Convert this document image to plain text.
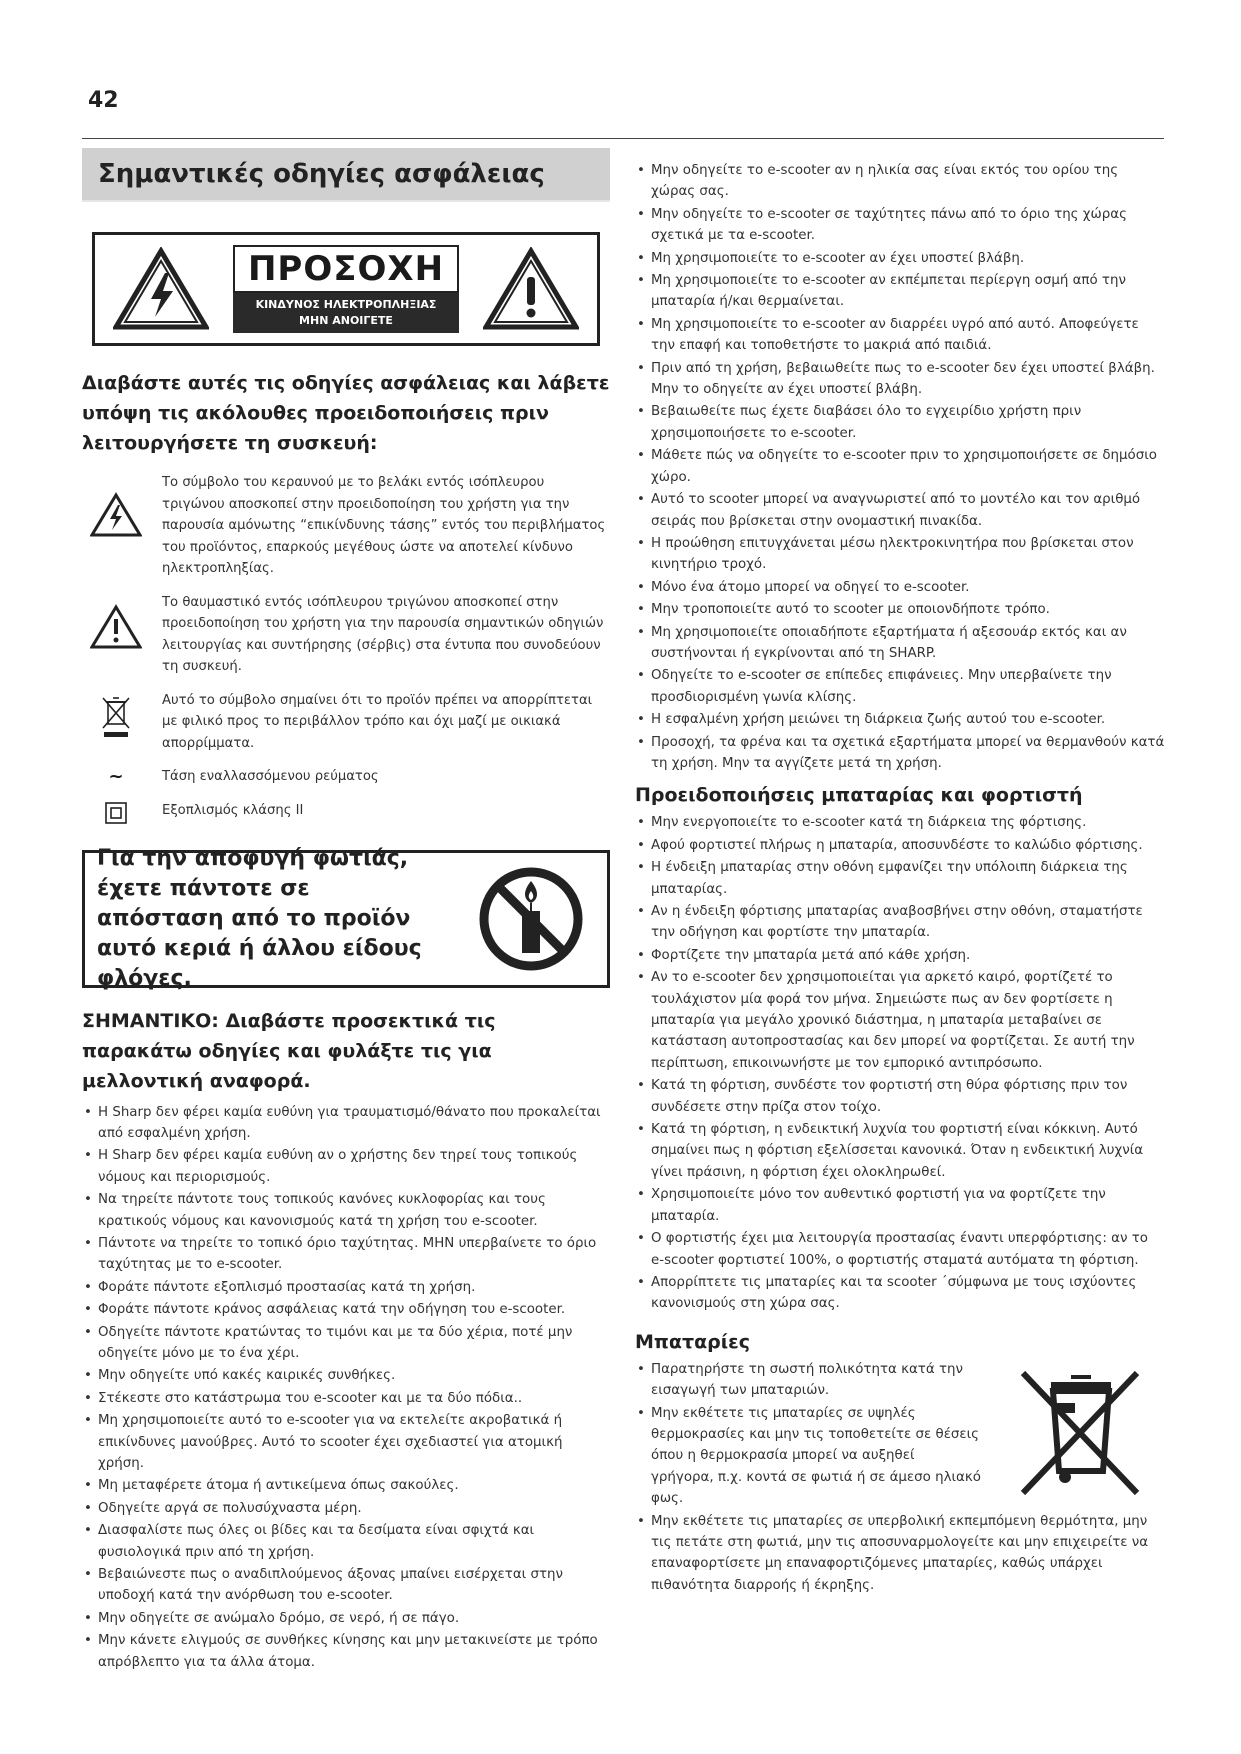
42
Σημαντικές οδηγίες ασφάλειας
ΠΡΟΣΟΧΗ
ΚΙΝΔΥΝΟΣ ΗΛΕΚΤΡΟΠΛΗΞΙΑΣ
ΜΗΝ ΑΝΟΙΓΕΤΕ
Διαβάστε αυτές τις οδηγίες ασφάλειας και λάβετε υπόψη τις ακόλουθες προειδοποιήσεις πριν λειτουργήσετε τη συσκευή:
Το σύμβολο του κεραυνού με το βελάκι εντός ισόπλευρου τριγώνου αποσκοπεί στην προειδοποίηση του χρήστη για την παρουσία αμόνωτης “επικίνδυνης τάσης” εντός του περιβλήματος του προϊόντος, επαρκούς μεγέθους ώστε να αποτελεί κίνδυνο ηλεκτροπληξίας.
Το θαυμαστικό εντός ισόπλευρου τριγώνου αποσκοπεί στην προειδοποίηση του χρήστη για την παρουσία σημαντικών οδηγιών λειτουργίας και συντήρησης (σέρβις) στα έντυπα που συνοδεύουν τη συσκευή.
Αυτό το σύμβολο σημαίνει ότι το προϊόν πρέπει να απορρίπτεται με φιλικό προς το περιβάλλον τρόπο και όχι μαζί με οικιακά απορρίμματα.
~	Τάση εναλλασσόμενου ρεύματος
Εξοπλισμός κλάσης II
Για την αποφυγή φωτιάς, έχετε πάντοτε σε απόσταση από το προϊόν αυτό κεριά ή άλλου είδους φλόγες.
ΣΗΜΑΝΤΙΚΟ: Διαβάστε προσεκτικά τις παρακάτω οδηγίες και φυλάξτε τις για μελλοντική αναφορά.
• Η Sharp δεν φέρει καμία ευθύνη για τραυματισμό/θάνατο που προκαλείται από εσφαλμένη χρήση.
• Η Sharp δεν φέρει καμία ευθύνη αν ο χρήστης δεν τηρεί τους τοπικούς νόμους και περιορισμούς.
• Να τηρείτε πάντοτε τους τοπικούς κανόνες κυκλοφορίας και τους κρατικούς νόμους και κανονισμούς κατά τη χρήση του e-scooter.
• Πάντοτε να τηρείτε το τοπικό όριο ταχύτητας. ΜΗΝ υπερβαίνετε το όριο ταχύτητας με το e-scooter.
• Φοράτε πάντοτε εξοπλισμό προστασίας κατά τη χρήση.
• Φοράτε πάντοτε κράνος ασφάλειας κατά την οδήγηση του e-scooter.
• Οδηγείτε πάντοτε κρατώντας το τιμόνι και με τα δύο χέρια, ποτέ μην οδηγείτε μόνο με το ένα χέρι.
• Μην οδηγείτε υπό κακές καιρικές συνθήκες.
• Στέκεστε στο κατάστρωμα του e-scooter και με τα δύο πόδια..
• Μη χρησιμοποιείτε αυτό το e-scooter για να εκτελείτε ακροβατικά ή επικίνδυνες μανούβρες. Αυτό το scooter έχει σχεδιαστεί για ατομική χρήση.
• Μη μεταφέρετε άτομα ή αντικείμενα όπως σακούλες.
• Οδηγείτε αργά σε πολυσύχναστα μέρη.
• Διασφαλίστε πως όλες οι βίδες και τα δεσίματα είναι σφιχτά και φυσιολογικά πριν από τη χρήση.
• Βεβαιώνεστε πως ο αναδιπλούμενος άξονας μπαίνει εισέρχεται στην υποδοχή κατά την ανόρθωση του e-scooter.
• Μην οδηγείτε σε ανώμαλο δρόμο, σε νερό, ή σε πάγο.
• Μην κάνετε ελιγμούς σε συνθήκες κίνησης και μην μετακινείστε με τρόπο απρόβλεπτο για τα άλλα άτομα.
• Μην οδηγείτε το e-scooter αν η ηλικία σας είναι εκτός του ορίου της χώρας σας.
• Μην οδηγείτε το e-scooter σε ταχύτητες πάνω από το όριο της χώρας σχετικά με τα e-scooter.
• Μη χρησιμοποιείτε το e-scooter αν έχει υποστεί βλάβη.
• Μη χρησιμοποιείτε το e-scooter αν εκπέμπεται περίεργη οσμή από την μπαταρία ή/και θερμαίνεται.
• Μη χρησιμοποιείτε το e-scooter αν διαρρέει υγρό από αυτό. Αποφεύγετε την επαφή και τοποθετήστε το μακριά από παιδιά.
• Πριν από τη χρήση, βεβαιωθείτε πως το e-scooter δεν έχει υποστεί βλάβη. Μην το οδηγείτε αν έχει υποστεί βλάβη.
• Βεβαιωθείτε πως έχετε διαβάσει όλο το εγχειρίδιο χρήστη πριν χρησιμοποιήσετε το e-scooter.
• Μάθετε πώς να οδηγείτε το e-scooter πριν το χρησιμοποιήσετε σε δημόσιο χώρο.
• Αυτό το scooter μπορεί να αναγνωριστεί από το μοντέλο και τον αριθμό σειράς που βρίσκεται στην ονομαστική πινακίδα.
• Η προώθηση επιτυγχάνεται μέσω ηλεκτροκινητήρα που βρίσκεται στον κινητήριο τροχό.
• Μόνο ένα άτομο μπορεί να οδηγεί το e-scooter.
• Μην τροποποιείτε αυτό το scooter με οποιονδήποτε τρόπο.
• Μη χρησιμοποιείτε οποιαδήποτε εξαρτήματα ή αξεσουάρ εκτός και αν συστήνονται ή εγκρίνονται από τη SHARP.
• Οδηγείτε το e-scooter σε επίπεδες επιφάνειες. Μην υπερβαίνετε την προσδιορισμένη γωνία κλίσης.
• Η εσφαλμένη χρήση μειώνει τη διάρκεια ζωής αυτού του e-scooter.
• Προσοχή, τα φρένα και τα σχετικά εξαρτήματα μπορεί να θερμανθούν κατά τη χρήση. Μην τα αγγίζετε μετά τη χρήση.
Προειδοποιήσεις μπαταρίας και φορτιστή
• Μην ενεργοποιείτε το e-scooter κατά τη διάρκεια της φόρτισης.
• Αφού φορτιστεί πλήρως η μπαταρία, αποσυνδέστε το καλώδιο φόρτισης.
• Η ένδειξη μπαταρίας στην οθόνη εμφανίζει την υπόλοιπη διάρκεια της μπαταρίας.
• Αν η ένδειξη φόρτισης μπαταρίας αναβοσβήνει στην οθόνη, σταματήστε την οδήγηση και φορτίστε την μπαταρία.
• Φορτίζετε την μπαταρία μετά από κάθε χρήση.
• Αν το e-scooter δεν χρησιμοποιείται για αρκετό καιρό, φορτίζετέ το τουλάχιστον μία φορά τον μήνα. Σημειώστε πως αν δεν φορτίσετε η μπαταρία για μεγάλο χρονικό διάστημα, η μπαταρία μεταβαίνει σε κατάσταση αυτοπροστασίας και δεν μπορεί να φορτίζεται. Σε αυτή την περίπτωση, επικοινωνήστε με τον εμπορικό αντιπρόσωπο.
• Κατά τη φόρτιση, συνδέστε τον φορτιστή στη θύρα φόρτισης πριν τον συνδέσετε στην πρίζα στον τοίχο.
• Κατά τη φόρτιση, η ενδεικτική λυχνία του φορτιστή είναι κόκκινη. Αυτό σημαίνει πως η φόρτιση εξελίσσεται κανονικά. Όταν η ενδεικτική λυχνία γίνει πράσινη, η φόρτιση έχει ολοκληρωθεί.
• Χρησιμοποιείτε μόνο τον αυθεντικό φορτιστή για να φορτίζετε την μπαταρία.
• Ο φορτιστής έχει μια λειτουργία προστασίας έναντι υπερφόρτισης: αν το e-scooter φορτιστεί 100%, ο φορτιστής σταματά αυτόματα τη φόρτιση.
• Απορρίπτετε τις μπαταρίες και τα scooter ΄σύμφωνα με τους ισχύοντες κανονισμούς στη χώρα σας.
Μπαταρίες
• Παρατηρήστε τη σωστή πολικότητα κατά την εισαγωγή των μπαταριών.
• Μην εκθέτετε τις μπαταρίες σε υψηλές θερμοκρασίες και μην τις τοποθετείτε σε θέσεις όπου η θερμοκρασία μπορεί να αυξηθεί γρήγορα, π.χ. κοντά σε φωτιά ή σε άμεσο ηλιακό φως.
• Μην εκθέτετε τις μπαταρίες σε υπερβολική εκπεμπόμενη θερμότητα, μην τις πετάτε στη φωτιά, μην τις αποσυναρμολογείτε και μην επιχειρείτε να επαναφορτίσετε μη επαναφορτιζόμενες μπαταρίες, καθώς υπάρχει πιθανότητα διαρροής ή έκρηξης.
